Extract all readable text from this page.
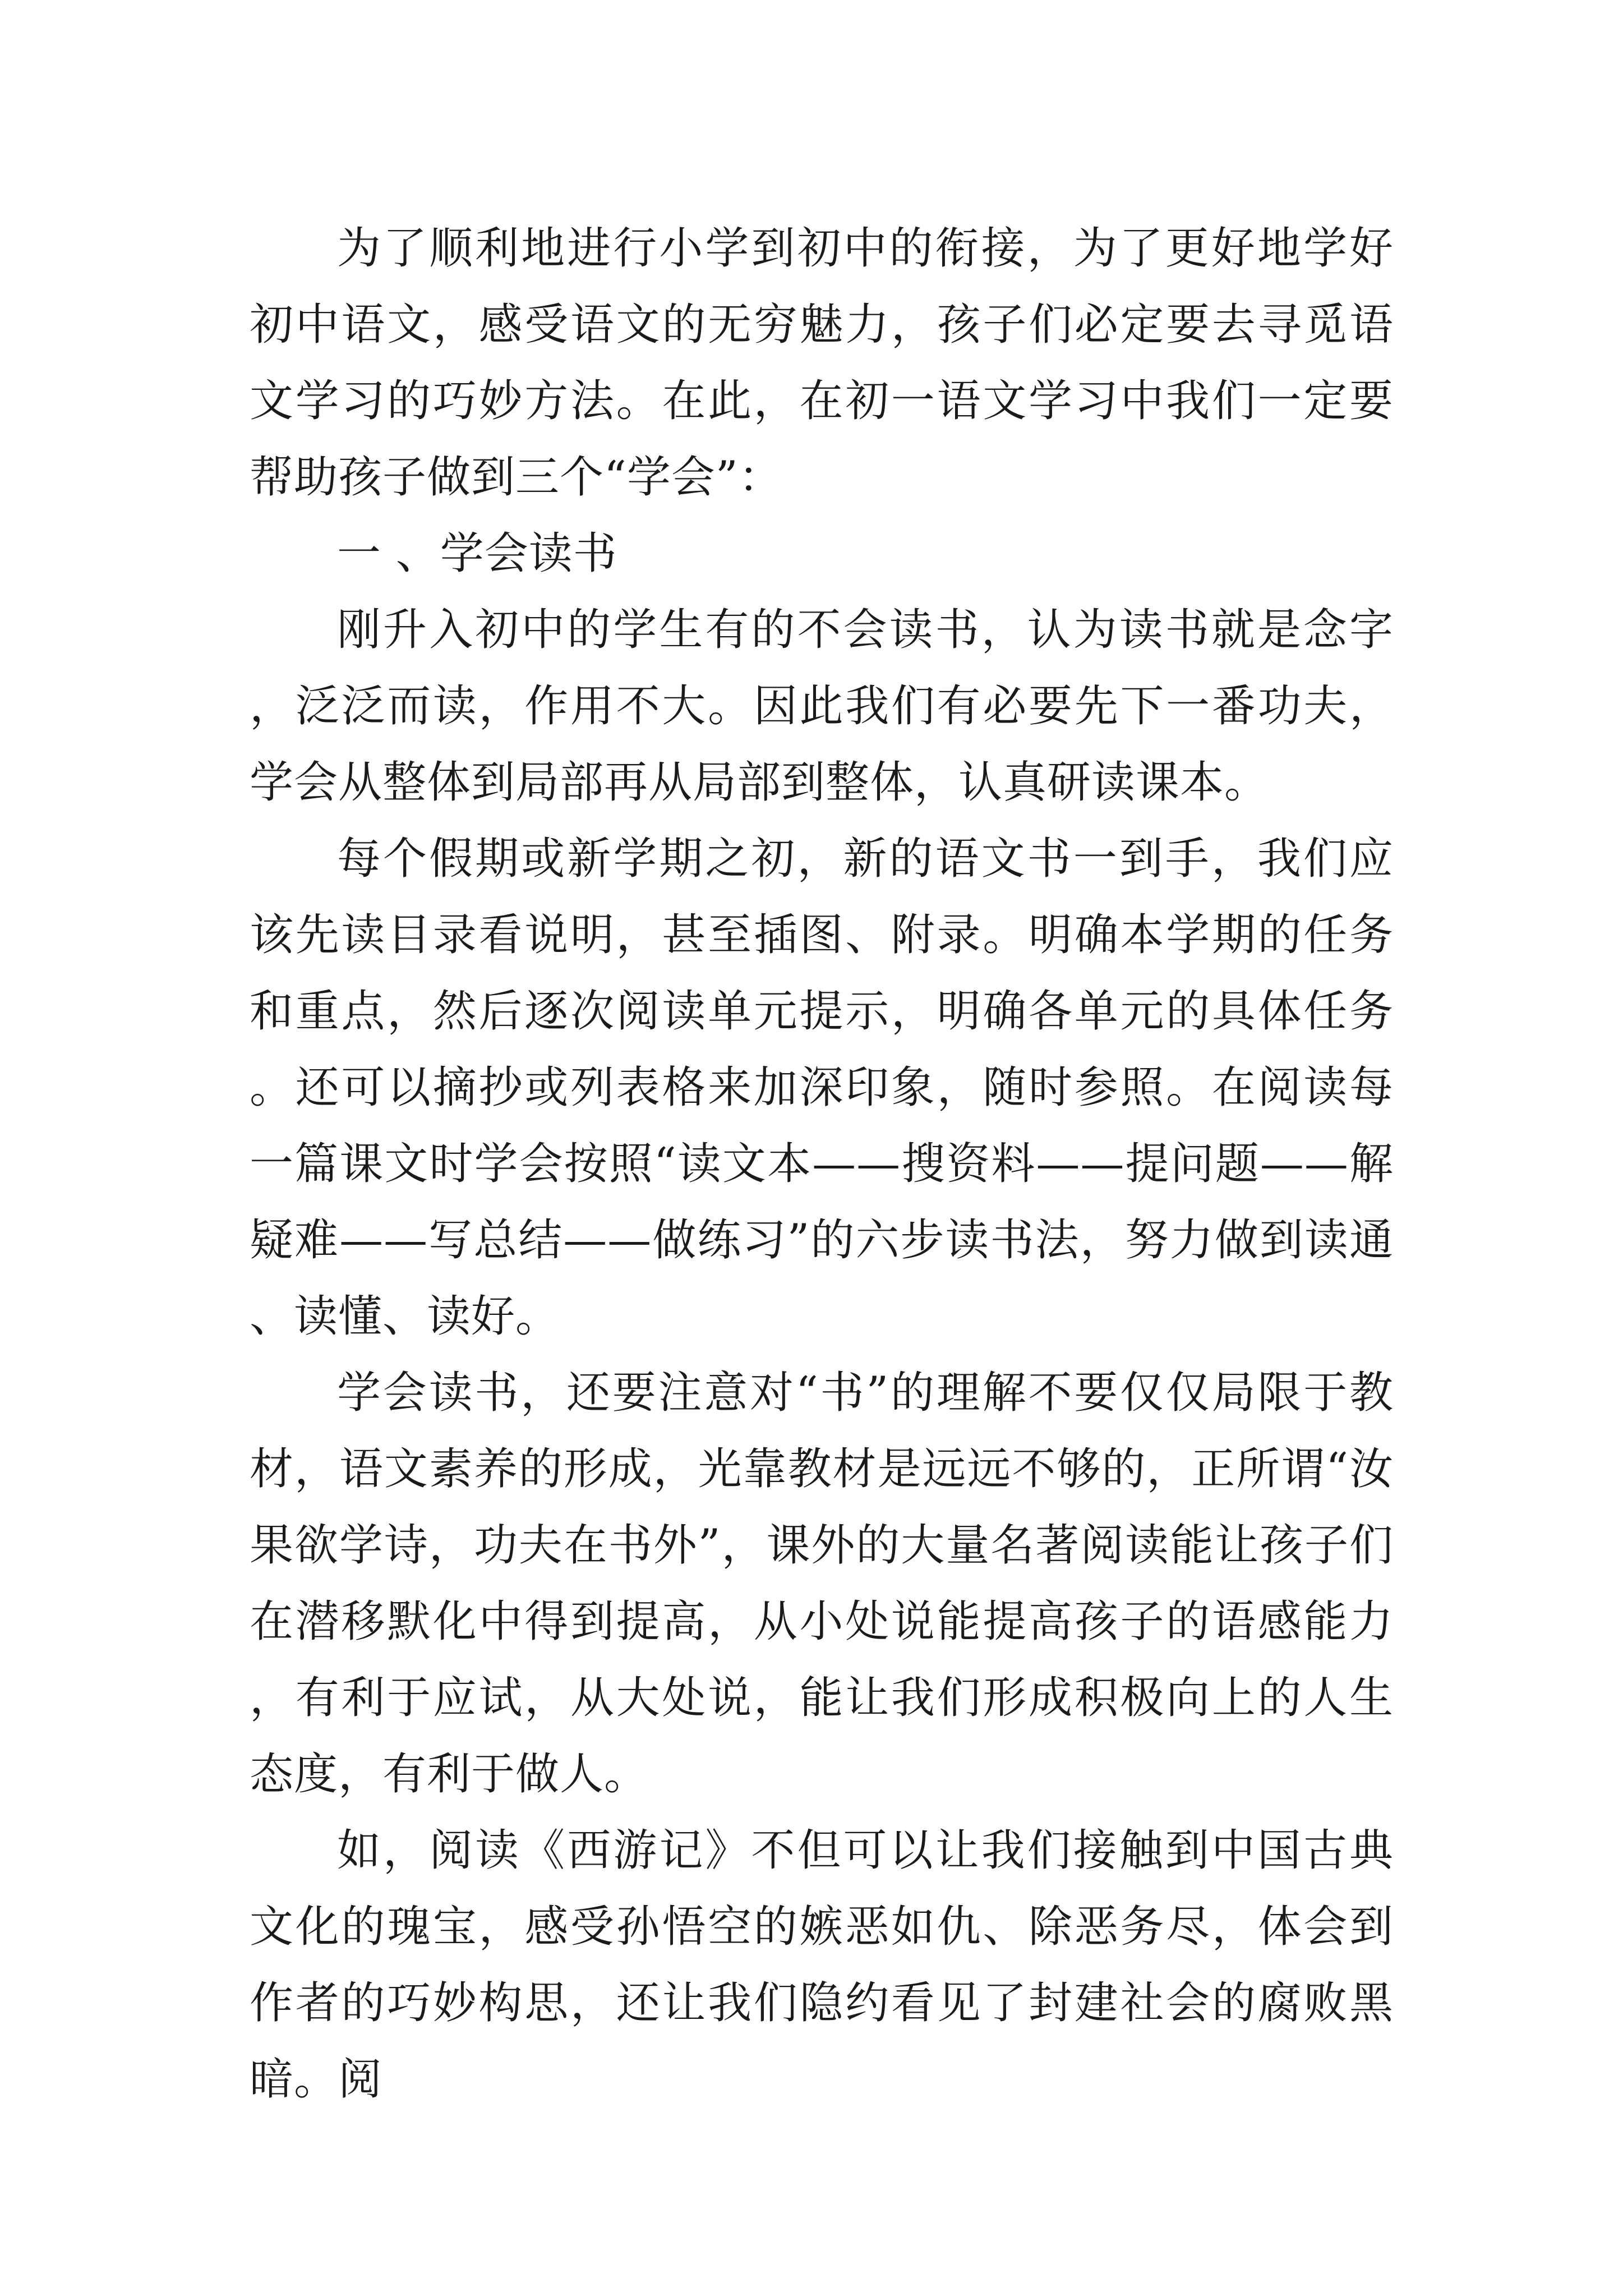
为了顺利地进行小学到初中的衔接，为了更好地学好初中语文，感受语文的无穷魅力，孩子们必定要去寻觅语文学习的巧妙方法。在此，在初一语文学习中我们一定要帮助孩子做到三个“学会”：

一 、学会读书

刚升入初中的学生有的不会读书，认为读书就是念字，泛泛而读，作用不大。因此我们有必要先下一番功夫，学会从整体到局部再从局部到整体，认真研读课本。

每个假期或新学期之初，新的语文书一到手，我们应该先读目录看说明，甚至插图、附录。明确本学期的任务和重点，然后逐次阅读单元提示，明确各单元的具体任务。还可以摘抄或列表格来加深印象，随时参照。在阅读每一篇课文时学会按照“读文本——搜资料——提问题——解疑难——写总结——做练习”的六步读书法，努力做到读通、读懂、读好。

学会读书，还要注意对“书”的理解不要仅仅局限于教材，语文素养的形成，光靠教材是远远不够的，正所谓“汝果欲学诗，功夫在书外”，课外的大量名著阅读能让孩子们在潜移默化中得到提高，从小处说能提高孩子的语感能力，有利于应试，从大处说，能让我们形成积极向上的人生态度，有利于做人。

如，阅读《西游记》不但可以让我们接触到中国古典文化的瑰宝，感受孙悟空的嫉恶如仇、除恶务尽，体会到作者的巧妙构思，还让我们隐约看见了封建社会的腐败黑暗。阅
